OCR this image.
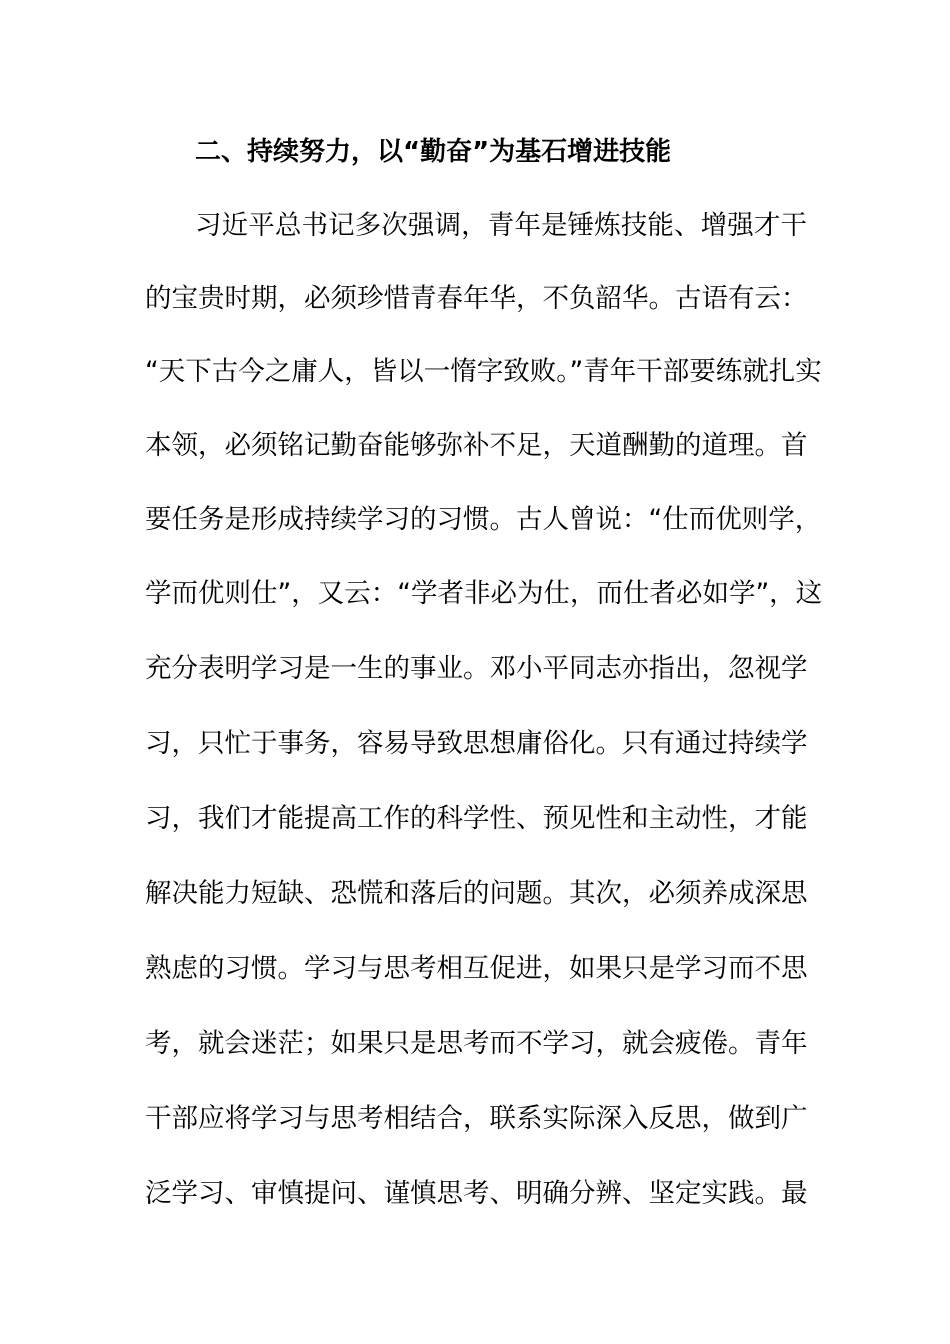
二、持续努力，以“勤奋”为基石增进技能
习近平总书记多次强调，青年是锤炼技能、增强才干
的宝贵时期，必须珍惜青春年华，不负韶华。古语有云：
“天下古今之庸人，皆以一惰字致败。”青年干部要练就扎实
本领，必须铭记勤奋能够弥补不足，天道酬勤的道理。首
要任务是形成持续学习的习惯。古人曾说：“仕而优则学，
学而优则仕”，又云：“学者非必为仕，而仕者必如学”，这
充分表明学习是一生的事业。邓小平同志亦指出，忽视学
习，只忙于事务，容易导致思想庸俗化。只有通过持续学
习，我们才能提高工作的科学性、预见性和主动性，才能
解决能力短缺、恐慌和落后的问题。其次，必须养成深思
熟虑的习惯。学习与思考相互促进，如果只是学习而不思
考，就会迷茫；如果只是思考而不学习，就会疲倦。青年
干部应将学习与思考相结合，联系实际深入反思，做到广
泛学习、审慎提问、谨慎思考、明确分辨、坚定实践。最
